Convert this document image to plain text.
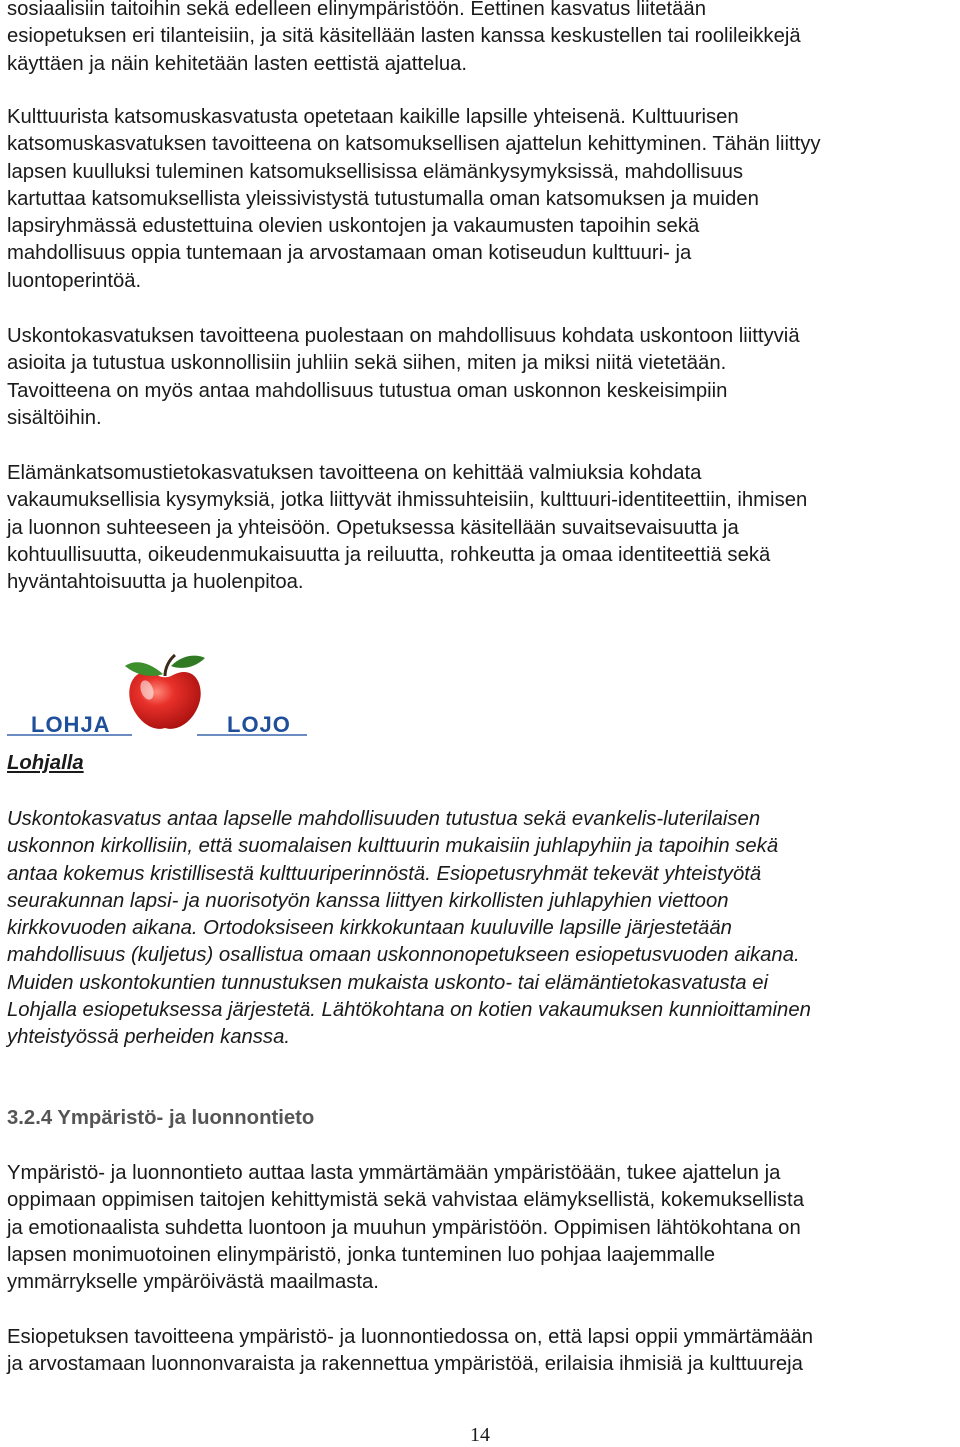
sosiaalisiin taitoihin sekä edelleen elinympäristöön. Eettinen kasvatus liitetään
esiopetuksen eri tilanteisiin, ja sitä käsitellään lasten kanssa keskustellen tai roolileikkejä
käyttäen ja näin kehitetään lasten eettistä ajattelua.
Kulttuurista katsomuskasvatusta opetetaan kaikille lapsille yhteisenä. Kulttuurisen
katsomuskasvatuksen tavoitteena on katsomuksellisen ajattelun kehittyminen. Tähän liittyy
lapsen kuulluksi tuleminen katsomuksellisissa elämänkysymyksissä, mahdollisuus
kartuttaa katsomuksellista yleissivistystä tutustumalla oman katsomuksen ja muiden
lapsiryhmässä edustettuina olevien uskontojen ja vakaumusten tapoihin sekä
mahdollisuus oppia tuntemaan ja arvostamaan oman kotiseudun kulttuuri- ja
luontoperintöä.
Uskontokasvatuksen tavoitteena puolestaan on mahdollisuus kohdata uskontoon liittyviä
asioita ja tutustua uskonnollisiin juhliin sekä siihen, miten ja miksi niitä vietetään.
Tavoitteena on myös antaa mahdollisuus tutustua oman uskonnon keskeisimpiin
sisältöihin.
Elämänkatsomustietokasvatuksen tavoitteena on kehittää valmiuksia kohdata
vakaumuksellisia kysymyksiä, jotka liittyvät ihmissuhteisiin, kulttuuri-identiteettiin, ihmisen
ja luonnon suhteeseen ja yhteisöön. Opetuksessa käsitellään suvaitsevaisuutta ja
kohtuullisuutta, oikeudenmukaisuutta ja reiluutta, rohkeutta ja omaa identiteettiä sekä
hyväntahtoisuutta ja huolenpitoa.
LOHJA	LOJO
Lohjalla
Uskontokasvatus antaa lapselle mahdollisuuden tutustua sekä evankelis-luterilaisen
uskonnon kirkollisiin, että suomalaisen kulttuurin mukaisiin juhlapyhiin ja tapoihin sekä
antaa kokemus kristillisestä kulttuuriperinnöstä. Esiopetusryhmät tekevät yhteistyötä
seurakunnan lapsi- ja nuorisotyön kanssa liittyen kirkollisten juhlapyhien viettoon
kirkkovuoden aikana. Ortodoksiseen kirkkokuntaan kuuluville lapsille järjestetään
mahdollisuus (kuljetus) osallistua omaan uskonnonopetukseen esiopetusvuoden aikana.
Muiden uskontokuntien tunnustuksen mukaista uskonto- tai elämäntietokasvatusta ei
Lohjalla esiopetuksessa järjestetä. Lähtökohtana on kotien vakaumuksen kunnioittaminen
yhteistyössä perheiden kanssa.
3.2.4 Ympäristö- ja luonnontieto
Ympäristö- ja luonnontieto auttaa lasta ymmärtämään ympäristöään, tukee ajattelun ja
oppimaan oppimisen taitojen kehittymistä sekä vahvistaa elämyksellistä, kokemuksellista
ja emotionaalista suhdetta luontoon ja muuhun ympäristöön. Oppimisen lähtökohtana on
lapsen monimuotoinen elinympäristö, jonka tunteminen luo pohjaa laajemmalle
ymmärrykselle ympäröivästä maailmasta.
Esiopetuksen tavoitteena ympäristö- ja luonnontiedossa on, että lapsi oppii ymmärtämään
ja arvostamaan luonnonvaraista ja rakennettua ympäristöä, erilaisia ihmisiä ja kulttuureja
14
